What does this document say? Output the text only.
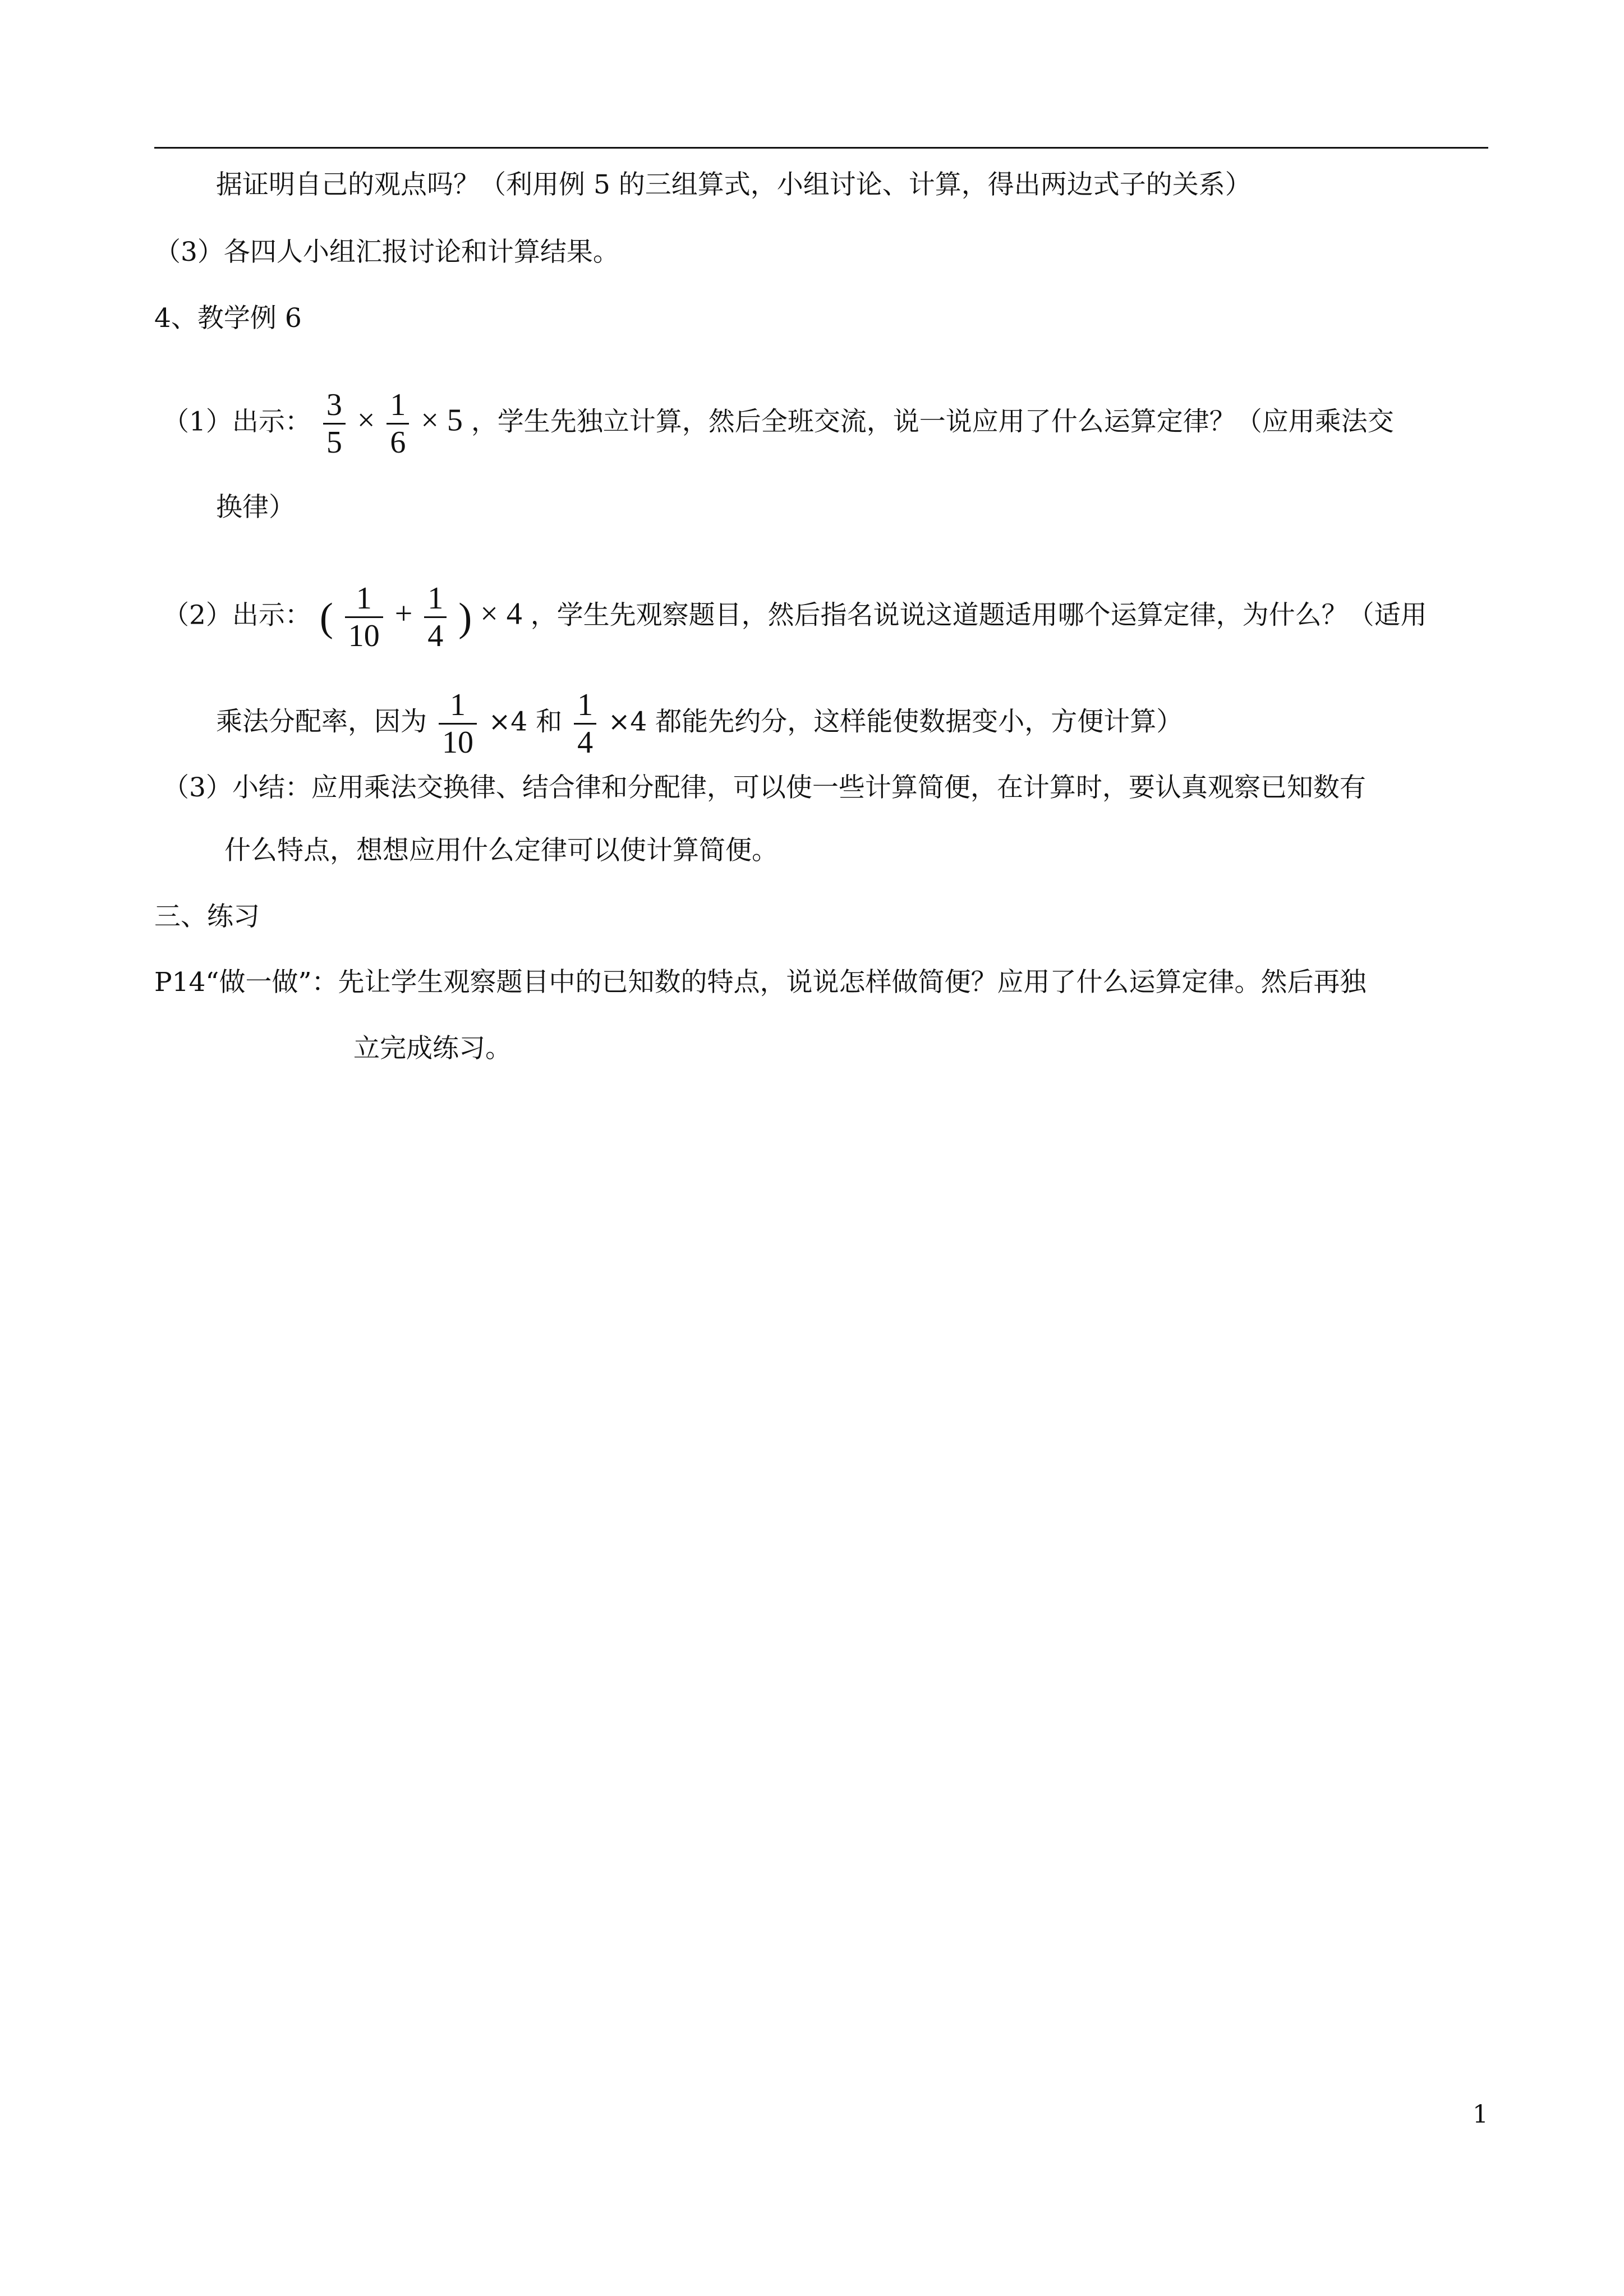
据证明自己的观点吗？（利用例 5 的三组算式，小组讨论、计算，得出两边式子的关系）
（3）各四人小组汇报讨论和计算结果。
4、教学例 6
（1）出示： $\frac{3}{5} \times \frac{1}{6} \times 5$ ，学生先独立计算，然后全班交流，说一说应用了什么运算定律？（应用乘法交
换律）
（2）出示： ( $\frac{1}{10} + \frac{1}{4}$ ) × 4 ，学生先观察题目，然后指名说说这道题适用哪个运算定律，为什么？（适用
乘法分配率，因为 $\frac{1}{10} \times 4$ 和 $\frac{1}{4} \times 4$ 都能先约分，这样能使数据变小，方便计算）
（3）小结：应用乘法交换律、结合律和分配律，可以使一些计算简便，在计算时，要认真观察已知数有
什么特点，想想应用什么定律可以使计算简便。
三、练习
P14“做一做”：先让学生观察题目中的已知数的特点，说说怎样做简便？应用了什么运算定律。然后再独
立完成练习。
1
